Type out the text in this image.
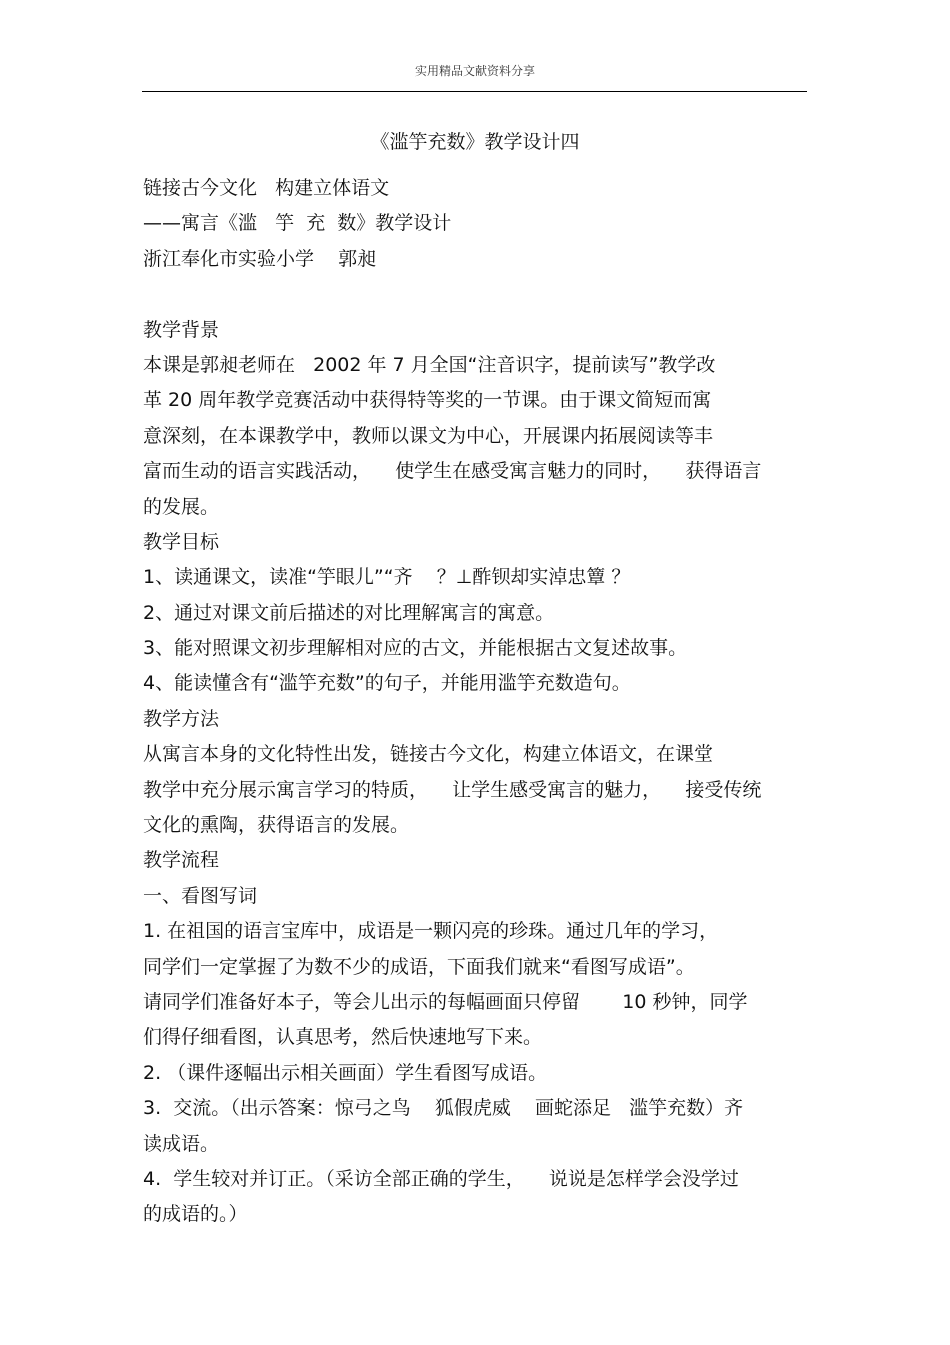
实用精品文献资料分享
《滥竽充数》教学设计四
链接古今文化   构建立体语文
——寓言《滥   竽  充  数》教学设计
浙江奉化市实验小学    郭昶
教学背景
本课是郭昶老师在   2002 年 7 月全国“注音识字，提前读写”教学改
革 20 周年教学竞赛活动中获得特等奖的一节课。由于课文简短而寓
意深刻，在本课教学中，教师以课文为中心，开展课内拓展阅读等丰
富而生动的语言实践活动，    使学生在感受寓言魅力的同时，    获得语言
的发展。
教学目标
1、读通课文，读准“竽眼儿”“齐    ？⊥酢钡却实淖忠簟 ？
2、通过对课文前后描述的对比理解寓言的寓意。
3、能对照课文初步理解相对应的古文，并能根据古文复述故事。
4、能读懂含有“滥竽充数”的句子，并能用滥竽充数造句。
教学方法
从寓言本身的文化特性出发，链接古今文化，构建立体语文，在课堂
教学中充分展示寓言学习的特质，    让学生感受寓言的魅力，    接受传统
文化的熏陶，获得语言的发展。
教学流程
一、看图写词
1. 在祖国的语言宝库中，成语是一颗闪亮的珍珠。通过几年的学习，
同学们一定掌握了为数不少的成语，下面我们就来“看图写成语”。
请同学们准备好本子，等会儿出示的每幅画面只停留       10 秒钟，同学
们得仔细看图，认真思考，然后快速地写下来。
2. （课件逐幅出示相关画面）学生看图写成语。
3.  交流。（出示答案：惊弓之鸟    狐假虎威    画蛇添足   滥竽充数）齐
读成语。
4.  学生较对并订正。（采访全部正确的学生，    说说是怎样学会没学过
的成语的。）
